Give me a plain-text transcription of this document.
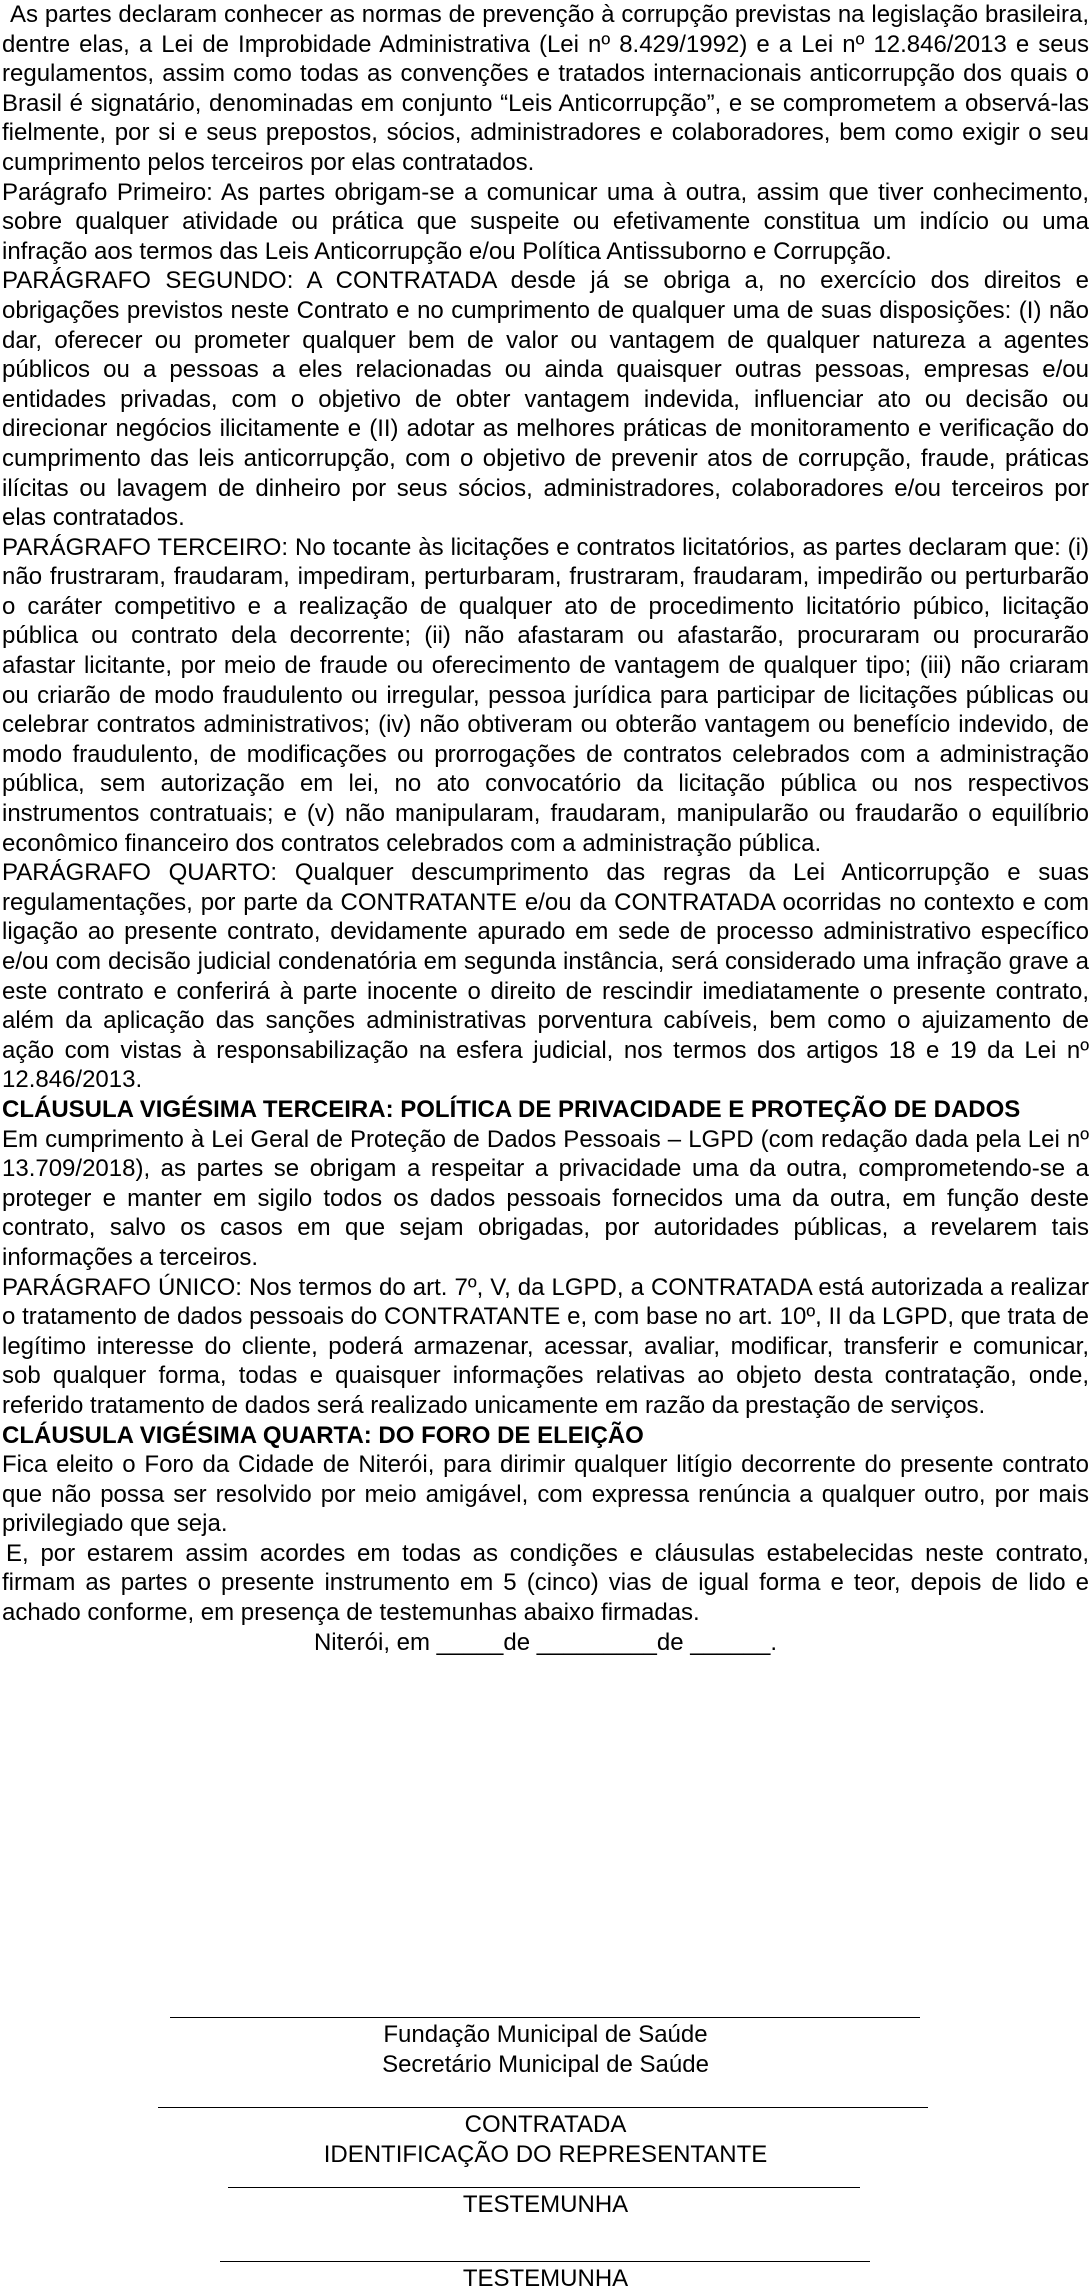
As partes declaram conhecer as normas de prevenção à corrupção previstas na legislação brasileira, dentre elas, a Lei de Improbidade Administrativa (Lei nº 8.429/1992) e a Lei nº 12.846/2013 e seus regulamentos, assim como todas as convenções e tratados internacionais anticorrupção dos quais o Brasil é signatário, denominadas em conjunto “Leis Anticorrupção”, e se comprometem a observá-las fielmente, por si e seus prepostos, sócios, administradores e colaboradores, bem como exigir o seu cumprimento pelos terceiros por elas contratados.

Parágrafo Primeiro: As partes obrigam-se a comunicar uma à outra, assim que tiver conhecimento, sobre qualquer atividade ou prática que suspeite ou efetivamente constitua um indício ou uma infração aos termos das Leis Anticorrupção e/ou Política Antissuborno e Corrupção.

PARÁGRAFO SEGUNDO: A CONTRATADA desde já se obriga a, no exercício dos direitos e obrigações previstos neste Contrato e no cumprimento de qualquer uma de suas disposições: (I) não dar, oferecer ou prometer qualquer bem de valor ou vantagem de qualquer natureza a agentes públicos ou a pessoas a eles relacionadas ou ainda quaisquer outras pessoas, empresas e/ou entidades privadas, com o objetivo de obter vantagem indevida, influenciar ato ou decisão ou direcionar negócios ilicitamente e (II) adotar as melhores práticas de monitoramento e verificação do cumprimento das leis anticorrupção, com o objetivo de prevenir atos de corrupção, fraude, práticas ilícitas ou lavagem de dinheiro por seus sócios, administradores, colaboradores e/ou terceiros por elas contratados.

PARÁGRAFO TERCEIRO: No tocante às licitações e contratos licitatórios, as partes declaram que: (i) não frustraram, fraudaram, impediram, perturbaram, frustraram, fraudaram, impedirão ou perturbarão o caráter competitivo e a realização de qualquer ato de procedimento licitatório púbico, licitação pública ou contrato dela decorrente; (ii) não afastaram ou afastarão, procuraram ou procurarão afastar licitante, por meio de fraude ou oferecimento de vantagem de qualquer tipo; (iii) não criaram ou criarão de modo fraudulento ou irregular, pessoa jurídica para participar de licitações públicas ou celebrar contratos administrativos; (iv) não obtiveram ou obterão vantagem ou benefício indevido, de modo fraudulento, de modificações ou prorrogações de contratos celebrados com a administração pública, sem autorização em lei, no ato convocatório da licitação pública ou nos respectivos instrumentos contratuais; e (v) não manipularam, fraudaram, manipularão ou fraudarão o equilíbrio econômico financeiro dos contratos celebrados com a administração pública.

PARÁGRAFO QUARTO: Qualquer descumprimento das regras da Lei Anticorrupção e suas regulamentações, por parte da CONTRATANTE e/ou da CONTRATADA ocorridas no contexto e com ligação ao presente contrato, devidamente apurado em sede de processo administrativo específico e/ou com decisão judicial condenatória em segunda instância, será considerado uma infração grave a este contrato e conferirá à parte inocente o direito de rescindir imediatamente o presente contrato, além da aplicação das sanções administrativas porventura cabíveis, bem como o ajuizamento de ação com vistas à responsabilização na esfera judicial, nos termos dos artigos 18 e 19 da Lei nº 12.846/2013.

CLÁUSULA VIGÉSIMA TERCEIRA: POLÍTICA DE PRIVACIDADE E PROTEÇÃO DE DADOS

Em cumprimento à Lei Geral de Proteção de Dados Pessoais – LGPD (com redação dada pela Lei nº 13.709/2018), as partes se obrigam a respeitar a privacidade uma da outra, comprometendo-se a proteger e manter em sigilo todos os dados pessoais fornecidos uma da outra, em função deste contrato, salvo os casos em que sejam obrigadas, por autoridades públicas, a revelarem tais informações a terceiros.

PARÁGRAFO ÚNICO: Nos termos do art. 7º, V, da LGPD, a CONTRATADA está autorizada a realizar o tratamento de dados pessoais do CONTRATANTE e, com base no art. 10º, II da LGPD, que trata de legítimo interesse do cliente, poderá armazenar, acessar, avaliar, modificar, transferir e comunicar, sob qualquer forma, todas e quaisquer informações relativas ao objeto desta contratação, onde, referido tratamento de dados será realizado unicamente em razão da prestação de serviços.

CLÁUSULA VIGÉSIMA QUARTA: DO FORO DE ELEIÇÃO

Fica eleito o Foro da Cidade de Niterói, para dirimir qualquer litígio decorrente do presente contrato que não possa ser resolvido por meio amigável, com expressa renúncia a qualquer outro, por mais privilegiado que seja.

E, por estarem assim acordes em todas as condições e cláusulas estabelecidas neste contrato, firmam as partes o presente instrumento em 5 (cinco) vias de igual forma e teor, depois de lido e achado conforme, em presença de testemunhas abaixo firmadas.

Niterói, em _____de _________de ______.

Fundação Municipal de Saúde
Secretário Municipal de Saúde
CONTRATADA
IDENTIFICAÇÃO DO REPRESENTANTE
TESTEMUNHA
TESTEMUNHA
